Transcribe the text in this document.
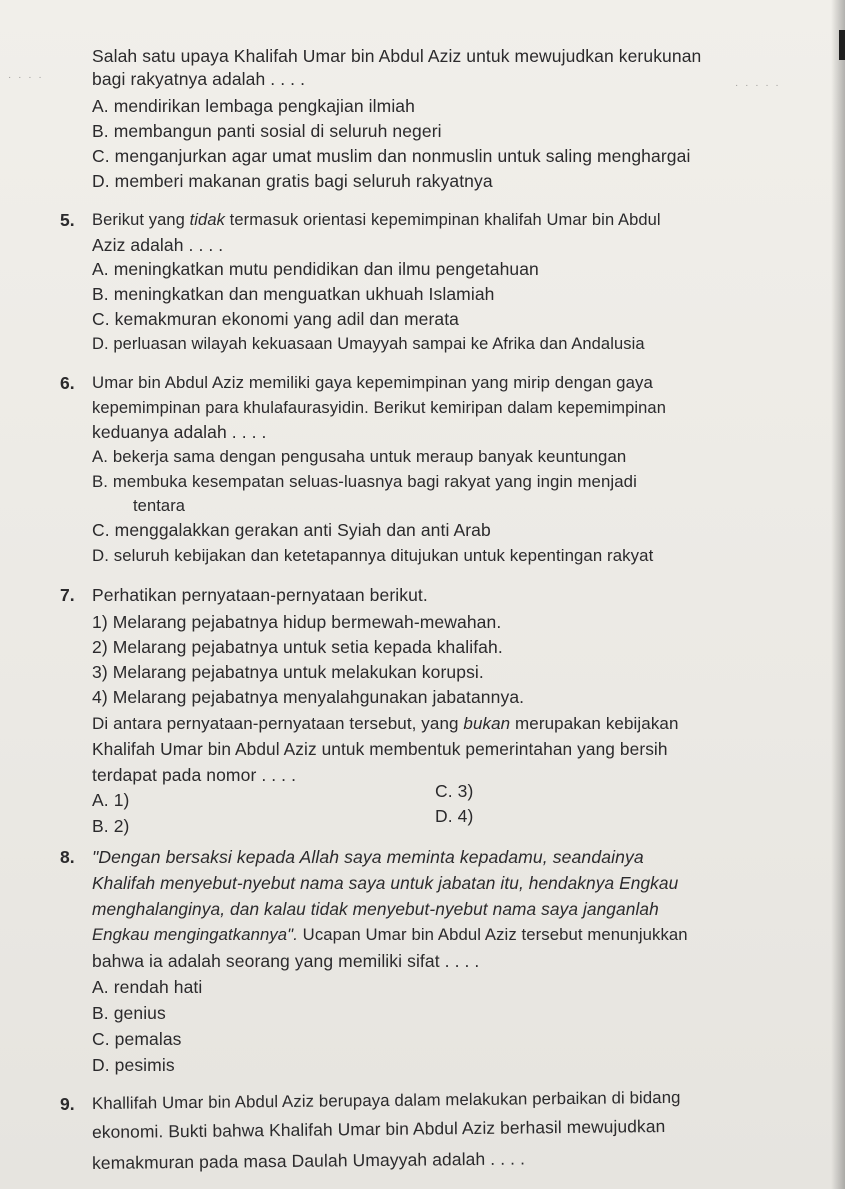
· · · ·
· · · · ·
Salah satu upaya Khalifah Umar bin Abdul Aziz untuk mewujudkan kerukunan
bagi rakyatnya adalah . . . .
A. mendirikan lembaga pengkajian ilmiah
B. membangun panti sosial di seluruh negeri
C. menganjurkan agar umat muslim dan nonmuslin untuk saling menghargai
D. memberi makanan gratis bagi seluruh rakyatnya
5. Berikut yang tidak termasuk orientasi kepemimpinan khalifah Umar bin Abdul
Aziz adalah . . . .
A. meningkatkan mutu pendidikan dan ilmu pengetahuan
B. meningkatkan dan menguatkan ukhuah Islamiah
C. kemakmuran ekonomi yang adil dan merata
D. perluasan wilayah kekuasaan Umayyah sampai ke Afrika dan Andalusia
6. Umar bin Abdul Aziz memiliki gaya kepemimpinan yang mirip dengan gaya
kepemimpinan para khulafaurasyidin. Berikut kemiripan dalam kepemimpinan
keduanya adalah . . . .
A. bekerja sama dengan pengusaha untuk meraup banyak keuntungan
B. membuka kesempatan seluas-luasnya bagi rakyat yang ingin menjadi
tentara
C. menggalakkan gerakan anti Syiah dan anti Arab
D. seluruh kebijakan dan ketetapannya ditujukan untuk kepentingan rakyat
7. Perhatikan pernyataan-pernyataan berikut.
1) Melarang pejabatnya hidup bermewah-mewahan.
2) Melarang pejabatnya untuk setia kepada khalifah.
3) Melarang pejabatnya untuk melakukan korupsi.
4) Melarang pejabatnya menyalahgunakan jabatannya.
Di antara pernyataan-pernyataan tersebut, yang bukan merupakan kebijakan
Khalifah Umar bin Abdul Aziz untuk membentuk pemerintahan yang bersih
terdapat pada nomor . . . .
A. 1)	C. 3)
B. 2)	D. 4)
8. "Dengan bersaksi kepada Allah saya meminta kepadamu, seandainya
Khalifah menyebut-nyebut nama saya untuk jabatan itu, hendaknya Engkau
menghalanginya, dan kalau tidak menyebut-nyebut nama saya janganlah
Engkau mengingatkannya". Ucapan Umar bin Abdul Aziz tersebut menunjukkan
bahwa ia adalah seorang yang memiliki sifat . . . .
A. rendah hati
B. genius
C. pemalas
D. pesimis
9. Khallifah Umar bin Abdul Aziz berupaya dalam melakukan perbaikan di bidang
ekonomi. Bukti bahwa Khalifah Umar bin Abdul Aziz berhasil mewujudkan
kemakmuran pada masa Daulah Umayyah adalah . . . .
